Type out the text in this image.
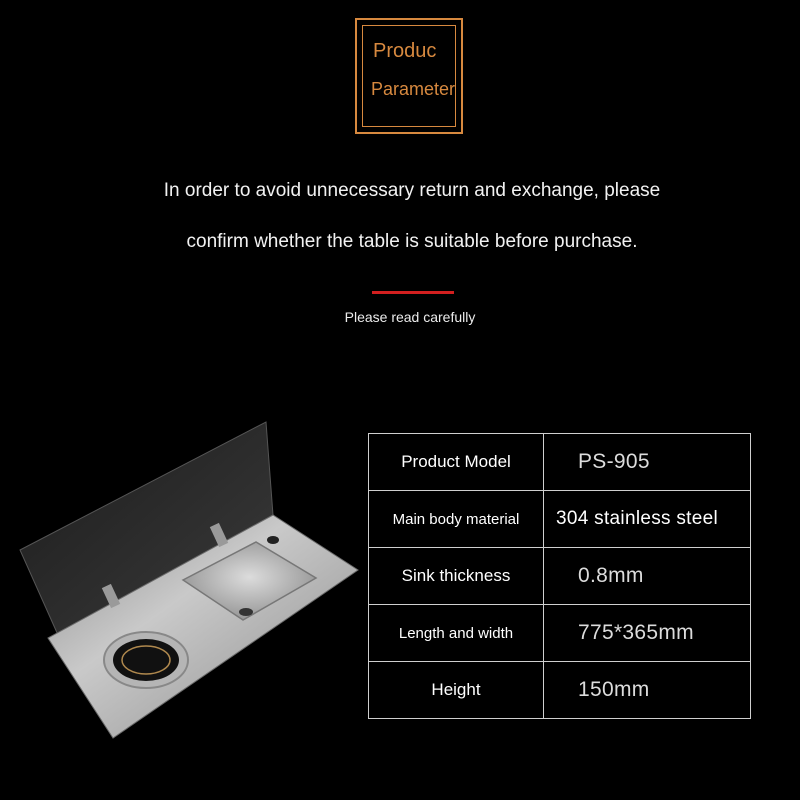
Produc
Parameter
In order to avoid unnecessary return and exchange, please
confirm whether the table is suitable before purchase.
Please read carefully
Product Model	PS-905
Main body material	304 stainless steel
Sink thickness	0.8mm
Length and width	775*365mm
Height	150mm
